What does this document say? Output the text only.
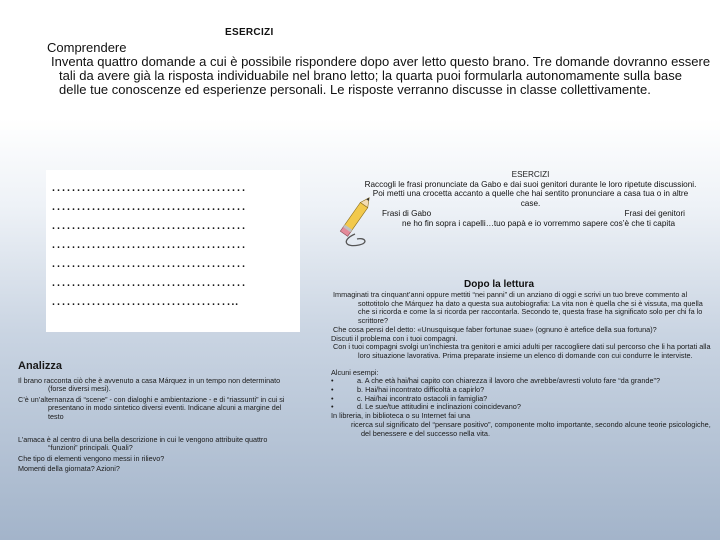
ESERCIZI

Comprendere

Inventa quattro domande a cui è possibile rispondere dopo aver letto questo brano. Tre domande dovranno essere tali da avere già la risposta individuabile nel brano letto; la quarta puoi formularla autonomamente sulla base delle tue conoscenze ed esperienze personali. Le risposte verranno discusse in classe collettivamente.

…………………………………
…………………………………
…………………………………
…………………………………
…………………………………
…………………………………
………………………………..
Analizza

Il brano racconta ciò che è avvenuto a casa Márquez in un tempo non determinato (forse diversi mesi).

C’è un’alternanza di “scene” - con dialoghi e ambientazione - e di “riassunti” in cui si presentano in modo sintetico diversi eventi. Indicane alcuni a margine del testo

L’amaca è al centro di una bella descrizione in cui le vengono attribuite quattro “funzioni” principali. Quali?

Che tipo di elementi vengono messi in rilievo?

Momenti della giornata? Azioni?

ESERCIZI
Raccogli le frasi pronunciate da Gabo e dai suoi genitori durante le loro ripetute discussioni. Poi metti una crocetta accanto a quelle che hai sentito pronunciare a casa tua o in altre case.
Frasi di Gabo	Frasi dei genitori
ne ho fin sopra i capelli…tuo papà e io vorremmo sapere cos’è che ti capita
Dopo la lettura

Immaginati tra cinquant’anni oppure mettiti “nei panni” di un anziano di oggi e scrivi un tuo breve commento al sottotitolo che Márquez ha dato a questa sua autobiografia: La vita non è quella che si è vissuta, ma quella che si ricorda e come la si ricorda per raccontarla. Secondo te, questa frase ha significato solo per chi fa lo scrittore?

Che cosa pensi del detto: «Unusquisque faber fortunae suae» (ognuno è artefice della sua fortuna)?

Discuti il problema con i tuoi compagni.

Con i tuoi compagni svolgi un’inchiesta tra genitori e amici adulti per raccogliere dati sul percorso che li ha portati alla loro situazione lavorativa. Prima preparate insieme un elenco di domande con cui condurre le interviste.

Alcuni esempi:

•	a. A che età hai/hai capito con chiarezza il lavoro che avrebbe/avresti voluto fare “da grande”?
•	b. Hai/hai incontrato difficoltà a capirlo?
•	c. Hai/hai incontrato ostacoli in famiglia?
•	d. Le sue/tue attitudini e inclinazioni coincidevano?

In libreria, in biblioteca o su Internet fai una

ricerca sul significato del “pensare positivo”, componente molto importante, secondo alcune teorie psicologiche, del benessere e del successo nella vita.
